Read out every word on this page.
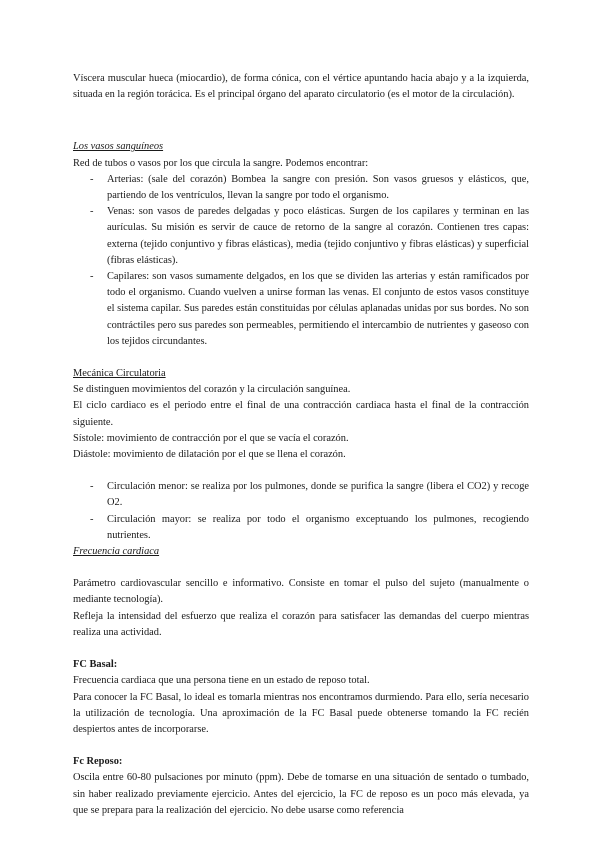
Víscera muscular hueca (miocardio), de forma cónica, con el vértice apuntando hacia abajo y a la izquierda, situada en la región torácica. Es el principal órgano del aparato circulatorio (es el motor de la circulación).

Los vasos sanguíneos

Red de tubos o vasos por los que circula la sangre. Podemos encontrar:

- Arterias: (sale del corazón) Bombea la sangre con presión. Son vasos gruesos y elásticos, que, partiendo de los ventrículos, llevan la sangre por todo el organismo.
- Venas: son vasos de paredes delgadas y poco elásticas. Surgen de los capilares y terminan en las aurículas. Su misión es servir de cauce de retorno de la sangre al corazón. Contienen tres capas: externa (tejido conjuntivo y fibras elásticas), media (tejido conjuntivo y fibras elásticas) y superficial (fibras elásticas).
- Capilares: son vasos sumamente delgados, en los que se dividen las arterias y están ramificados por todo el organismo. Cuando vuelven a unirse forman las venas. El conjunto de estos vasos constituye el sistema capilar. Sus paredes están constituidas por células aplanadas unidas por sus bordes. No son contráctiles pero sus paredes son permeables, permitiendo el intercambio de nutrientes y gaseoso con los tejidos circundantes.

Mecánica Circulatoria

Se distinguen movimientos del corazón y la circulación sanguínea.

El ciclo cardiaco es el periodo entre el final de una contracción cardiaca hasta el final de la contracción siguiente.

Sístole: movimiento de contracción por el que se vacía el corazón.

Diástole: movimiento de dilatación por el que se llena el corazón.

- Circulación menor: se realiza por los pulmones, donde se purifica la sangre (libera el CO2) y recoge O2.
- Circulación mayor: se realiza por todo el organismo exceptuando los pulmones, recogiendo nutrientes.

Frecuencia cardiaca

Parámetro cardiovascular sencillo e informativo. Consiste en tomar el pulso del sujeto (manualmente o mediante tecnología).

Refleja la intensidad del esfuerzo que realiza el corazón para satisfacer las demandas del cuerpo mientras realiza una actividad.

FC Basal:

Frecuencia cardiaca que una persona tiene en un estado de reposo total.

Para conocer la FC Basal, lo ideal es tomarla mientras nos encontramos durmiendo. Para ello, sería necesario la utilización de tecnología. Una aproximación de la FC Basal puede obtenerse tomando la FC recién despiertos antes de incorporarse.

Fc Reposo:

Oscila entre 60-80 pulsaciones por minuto (ppm). Debe de tomarse en una situación de sentado o tumbado, sin haber realizado previamente ejercicio. Antes del ejercicio, la FC de reposo es un poco más elevada, ya que se prepara para la realización del ejercicio. No debe usarse como referencia
